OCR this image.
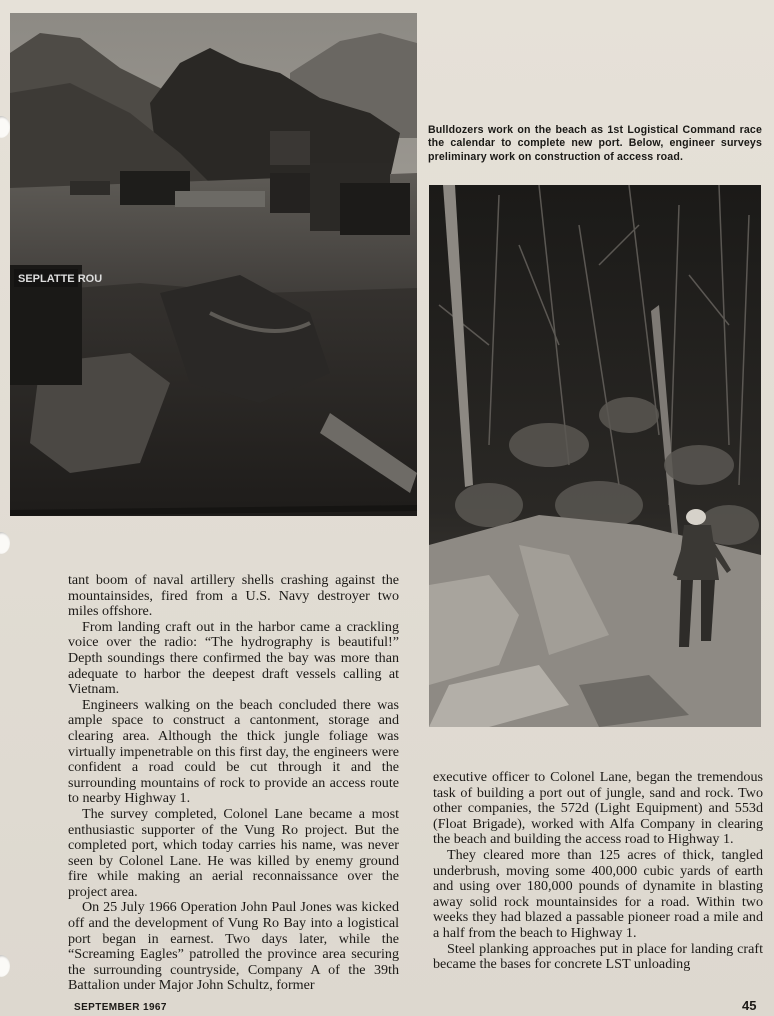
SEPLATTE ROU
Bulldozers work on the beach as 1st Logistical Command race the calendar to complete new port. Below, engineer surveys preliminary work on construction of access road.

tant boom of naval artillery shells crashing against the mountainsides, fired from a U.S. Navy destroyer two miles offshore.

From landing craft out in the harbor came a crackling voice over the radio: “The hydrography is beautiful!” Depth soundings there confirmed the bay was more than adequate to harbor the deepest draft vessels calling at Vietnam.

Engineers walking on the beach concluded there was ample space to construct a cantonment, storage and clearing area. Although the thick jungle foliage was virtually impenetrable on this first day, the engineers were confident a road could be cut through it and the surrounding mountains of rock to provide an access route to nearby Highway 1.

The survey completed, Colonel Lane became a most enthusiastic supporter of the Vung Ro project. But the completed port, which today carries his name, was never seen by Colonel Lane. He was killed by enemy ground fire while making an aerial reconnaissance over the project area.

On 25 July 1966 Operation John Paul Jones was kicked off and the development of Vung Ro Bay into a logistical port began in earnest. Two days later, while the “Screaming Eagles” patrolled the province area securing the surrounding countryside, Company A of the 39th Battalion under Major John Schultz, former

executive officer to Colonel Lane, began the tremendous task of building a port out of jungle, sand and rock. Two other companies, the 572d (Light Equipment) and 553d (Float Brigade), worked with Alfa Company in clearing the beach and building the access road to Highway 1.

They cleared more than 125 acres of thick, tangled underbrush, moving some 400,000 cubic yards of earth and using over 180,000 pounds of dynamite in blasting away solid rock mountainsides for a road. Within two weeks they had blazed a passable pioneer road a mile and a half from the beach to Highway 1.

Steel planking approaches put in place for landing craft became the bases for concrete LST unloading

SEPTEMBER 1967	45
